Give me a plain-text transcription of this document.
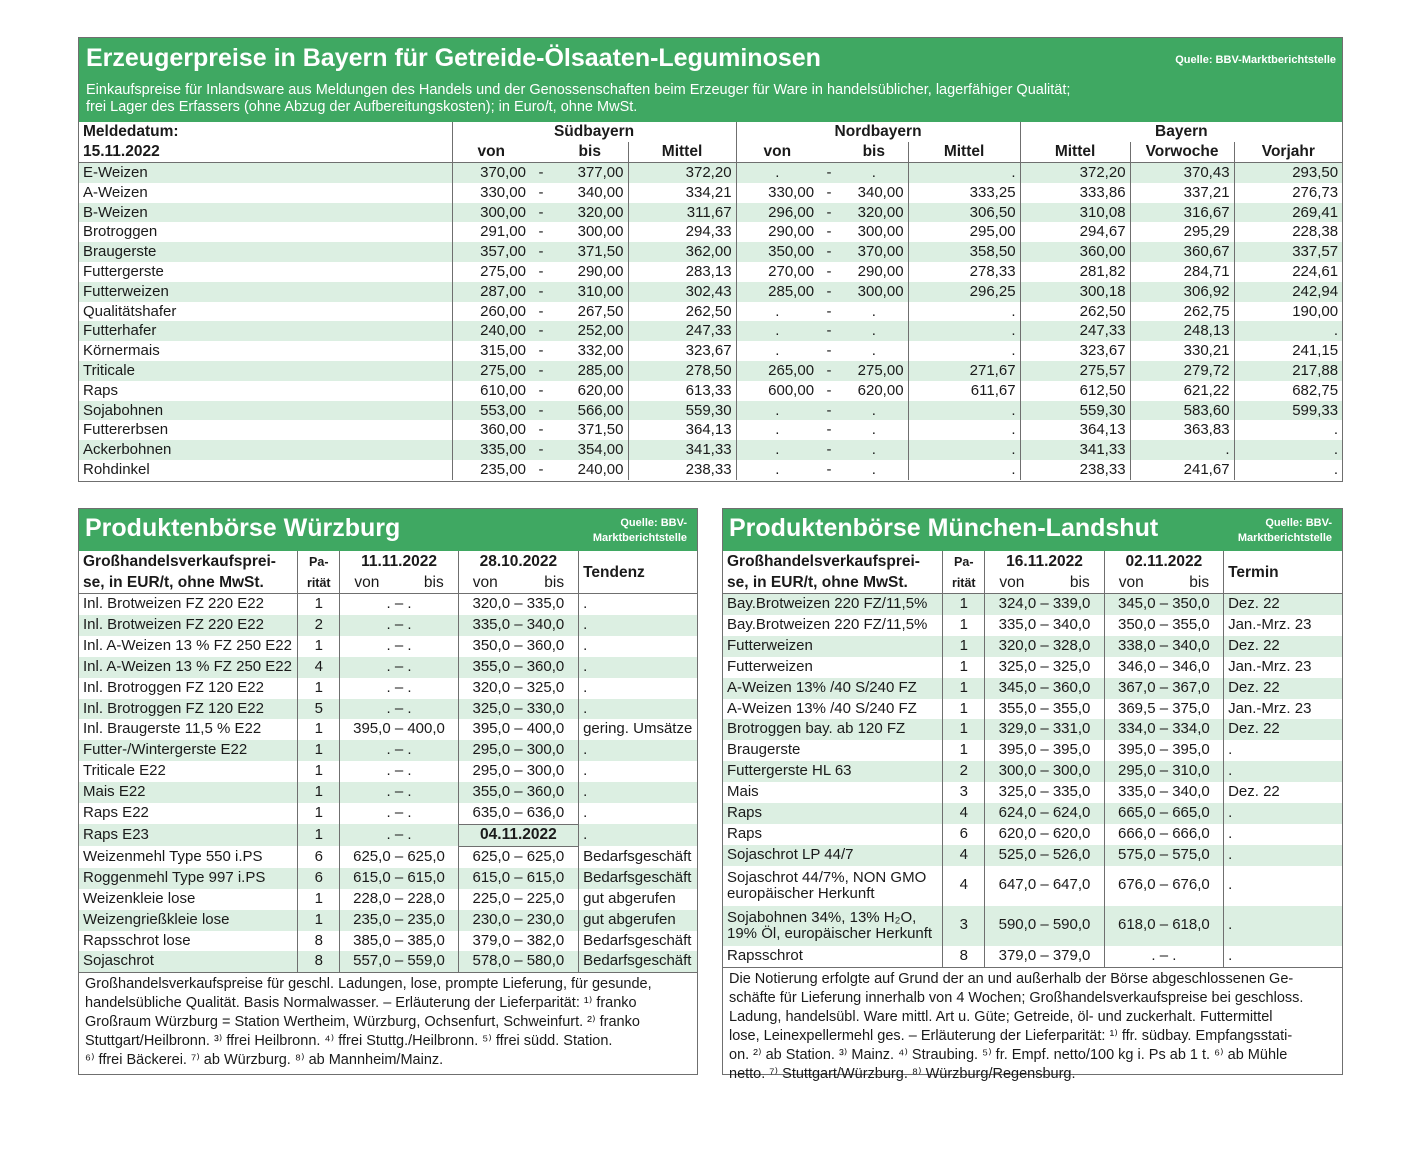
Erzeugerpreise in Bayern für Getreide-Ölsaaten-Leguminosen	Quelle: BBV-Marktberichtstelle
Einkaufspreise für Inlandsware aus Meldungen des Handels und der Genossenschaften beim Erzeuger für Ware in handelsüblicher, lagerfähiger Qualität;
frei Lager des Erfassers (ohne Abzug der Aufbereitungskosten); in Euro/t, ohne MwSt.
Meldedatum:	Südbayern				Nordbayern				Bayern		
15.11.2022	von		bis	Mittel	von		bis	Mittel	Mittel	Vorwoche	Vorjahr
E-Weizen	370,00	-	377,00	372,20	.	-	.	.	372,20	370,43	293,50
A-Weizen	330,00	-	340,00	334,21	330,00	-	340,00	333,25	333,86	337,21	276,73
B-Weizen	300,00	-	320,00	311,67	296,00	-	320,00	306,50	310,08	316,67	269,41
Brotroggen	291,00	-	300,00	294,33	290,00	-	300,00	295,00	294,67	295,29	228,38
Braugerste	357,00	-	371,50	362,00	350,00	-	370,00	358,50	360,00	360,67	337,57
Futtergerste	275,00	-	290,00	283,13	270,00	-	290,00	278,33	281,82	284,71	224,61
Futterweizen	287,00	-	310,00	302,43	285,00	-	300,00	296,25	300,18	306,92	242,94
Qualitätshafer	260,00	-	267,50	262,50	.	-	.	.	262,50	262,75	190,00
Futterhafer	240,00	-	252,00	247,33	.	-	.	.	247,33	248,13	.
Körnermais	315,00	-	332,00	323,67	.	-	.	.	323,67	330,21	241,15
Triticale	275,00	-	285,00	278,50	265,00	-	275,00	271,67	275,57	279,72	217,88
Raps	610,00	-	620,00	613,33	600,00	-	620,00	611,67	612,50	621,22	682,75
Sojabohnen	553,00	-	566,00	559,30	.	-	.	.	559,30	583,60	599,33
Futtererbsen	360,00	-	371,50	364,13	.	-	.	.	364,13	363,83	.
Ackerbohnen	335,00	-	354,00	341,33	.	-	.	.	341,33	.	.
Rohdinkel	235,00	-	240,00	238,33	.	-	.	.	238,33	241,67	.
Produktenbörse Würzburg	Quelle: BBV-
Marktberichtstelle
Großhandelsverkaufsprei-	Pa-	11.11.2022	28.10.2022	Tendenz
se, in EUR/t, ohne MwSt.	rität	von bis	von bis	

Inl. Brotweizen FZ 220 E22	1	. – .	320,0 – 335,0	.
Inl. Brotweizen FZ 220 E22	2	. – .	335,0 – 340,0	.
Inl. A-Weizen 13 % FZ 250 E22	1	. – .	350,0 – 360,0	.
Inl. A-Weizen 13 % FZ 250 E22	4	. – .	355,0 – 360,0	.
Inl. Brotroggen FZ 120 E22	1	. – .	320,0 – 325,0	.
Inl. Brotroggen FZ 120 E22	5	. – .	325,0 – 330,0	.
Inl. Braugerste 11,5 % E22	1	395,0 – 400,0	395,0 – 400,0	gering. Umsätze
Futter-/Wintergerste E22	1	. – .	295,0 – 300,0	.
Triticale E22	1	. – .	295,0 – 300,0	.
Mais E22	1	. – .	355,0 – 360,0	.
Raps E22	1	. – .	635,0 – 636,0	.
Raps E23	1	. – .	04.11.2022	.
Weizenmehl Type 550 i.PS	6	625,0 – 625,0	625,0 – 625,0	Bedarfsgeschäft
Roggenmehl Type 997 i.PS	6	615,0 – 615,0	615,0 – 615,0	Bedarfsgeschäft
Weizenkleie lose	1	228,0 – 228,0	225,0 – 225,0	gut abgerufen
Weizengrießkleie lose	1	235,0 – 235,0	230,0 – 230,0	gut abgerufen
Rapsschrot lose	8	385,0 – 385,0	379,0 – 382,0	Bedarfsgeschäft
Sojaschrot	8	557,0 – 559,0	578,0 – 580,0	Bedarfsgeschäft
Großhandelsverkaufspreise für geschl. Ladungen, lose, prompte Lieferung, für gesunde,
handelsübliche Qualität. Basis Normalwasser. – Erläuterung der Lieferparität: ¹⁾ franko
Großraum Würzburg = Station Wertheim, Würzburg, Ochsenfurt, Schweinfurt. ²⁾ franko
Stuttgart/Heilbronn. ³⁾ ffrei Heilbronn. ⁴⁾ ffrei Stuttg./Heilbronn. ⁵⁾ ffrei südd. Station.
⁶⁾ ffrei Bäckerei. ⁷⁾ ab Würzburg. ⁸⁾ ab Mannheim/Mainz.
Produktenbörse München-Landshut	Quelle: BBV-
Marktberichtstelle
Großhandelsverkaufsprei-	Pa-	16.11.2022	02.11.2022	Termin
se, in EUR/t, ohne MwSt.	rität	von bis	von bis	

Bay.Brotweizen 220 FZ/11,5%	1	324,0 – 339,0	345,0 – 350,0	Dez. 22
Bay.Brotweizen 220 FZ/11,5%	1	335,0 – 340,0	350,0 – 355,0	Jan.-Mrz. 23
Futterweizen	1	320,0 – 328,0	338,0 – 340,0	Dez. 22
Futterweizen	1	325,0 – 325,0	346,0 – 346,0	Jan.-Mrz. 23
A-Weizen 13% /40 S/240 FZ	1	345,0 – 360,0	367,0 – 367,0	Dez. 22
A-Weizen 13% /40 S/240 FZ	1	355,0 – 355,0	369,5 – 375,0	Jan.-Mrz. 23
Brotroggen bay. ab 120 FZ	1	329,0 – 331,0	334,0 – 334,0	Dez. 22
Braugerste	1	395,0 – 395,0	395,0 – 395,0	.
Futtergerste HL 63	2	300,0 – 300,0	295,0 – 310,0	.
Mais	3	325,0 – 335,0	335,0 – 340,0	Dez. 22
Raps	4	624,0 – 624,0	665,0 – 665,0	.
Raps	6	620,0 – 620,0	666,0 – 666,0	.
Sojaschrot LP 44/7	4	525,0 – 526,0	575,0 – 575,0	.

Sojaschrot 44/7%, NON GMO
europäischer Herkunft	4	647,0 – 647,0	676,0 – 676,0	.

Sojabohnen 34%, 13% H₂O,
19% Öl, europäischer Herkunft	3	590,0 – 590,0	618,0 – 618,0	.
Rapsschrot	8	379,0 – 379,0	. – .	.
Die Notierung erfolgte auf Grund der an und außerhalb der Börse abgeschlossenen Ge-
schäfte für Lieferung innerhalb von 4 Wochen; Großhandelsverkaufspreise bei geschloss.
Ladung, handelsübl. Ware mittl. Art u. Güte; Getreide, öl- und zuckerhalt. Futtermittel
lose, Leinexpellermehl ges. – Erläuterung der Lieferparität: ¹⁾ ffr. südbay. Empfangsstati-
on. ²⁾ ab Station. ³⁾ Mainz. ⁴⁾ Straubing. ⁵⁾ fr. Empf. netto/100 kg i. Ps ab 1 t. ⁶⁾ ab Mühle
netto. ⁷⁾ Stuttgart/Würzburg. ⁸⁾ Würzburg/Regensburg.
